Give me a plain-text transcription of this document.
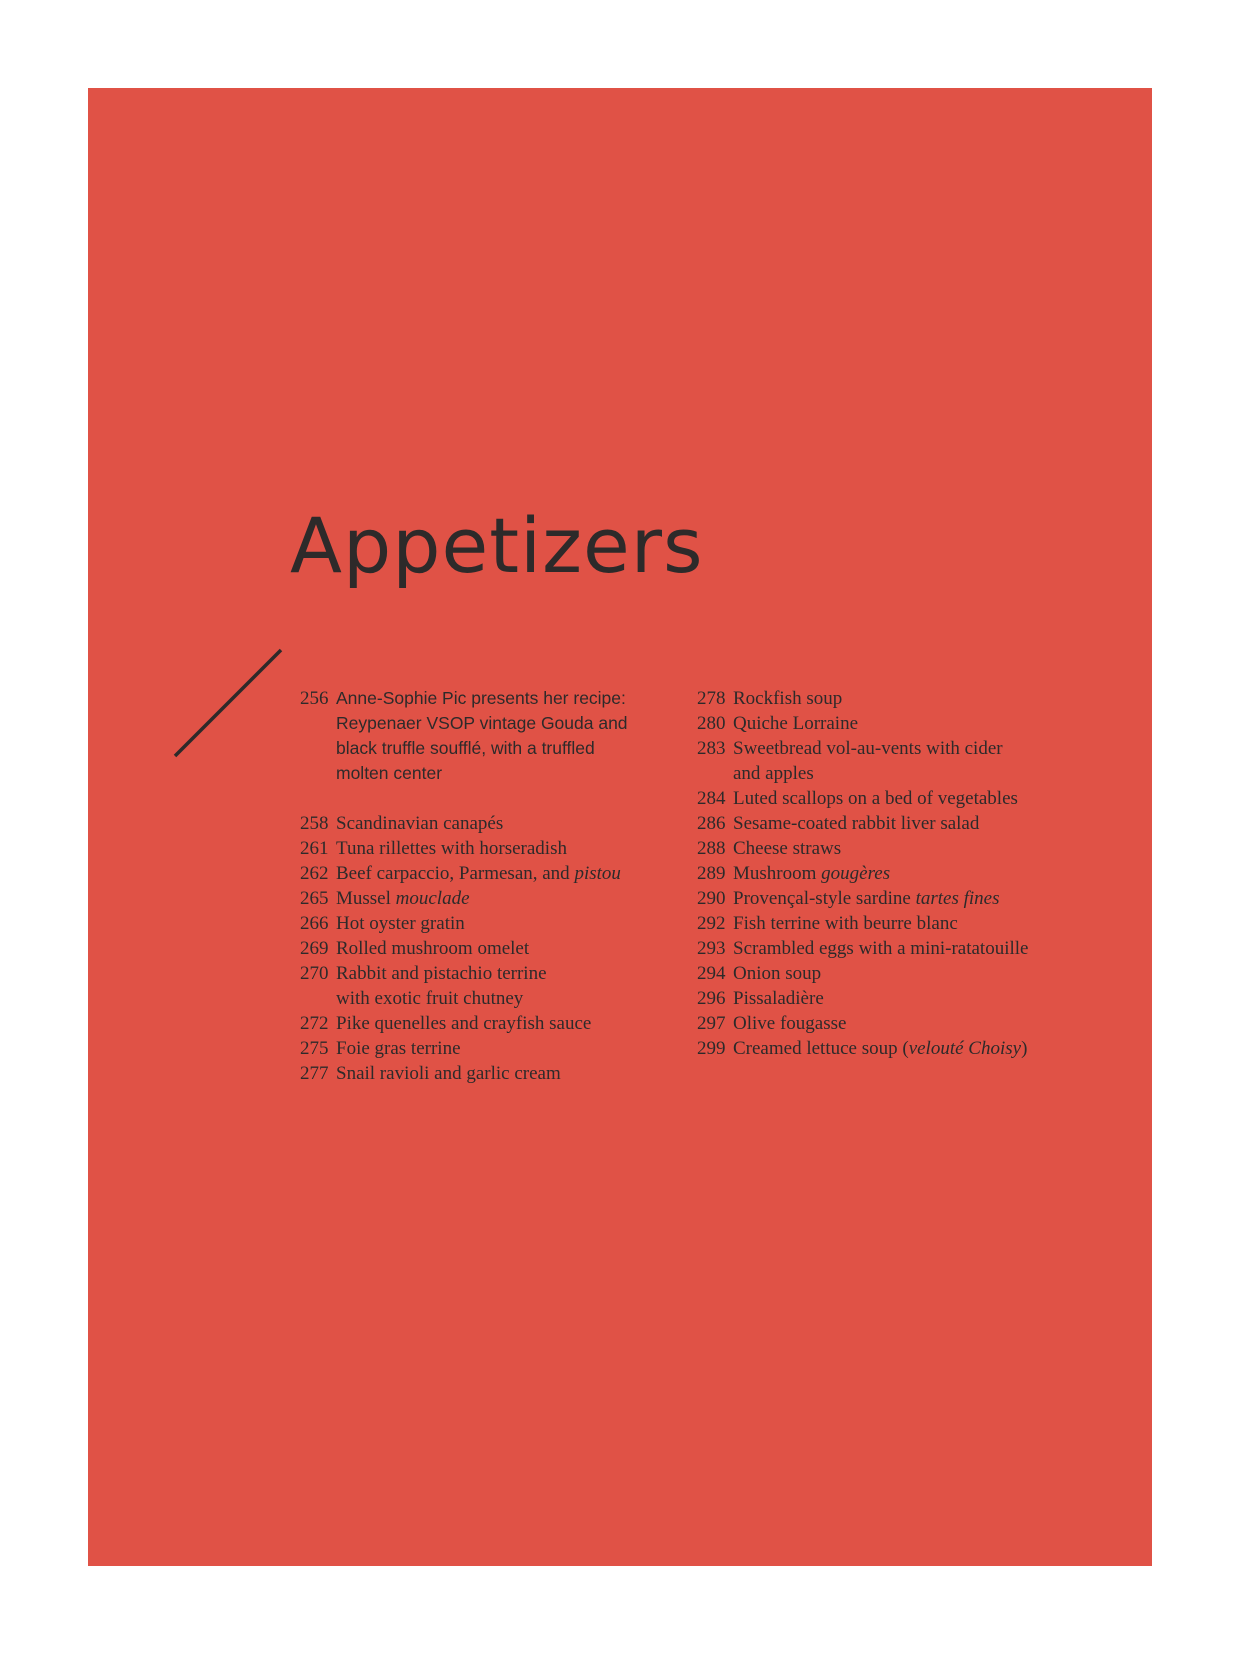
Appetizers
256 Anne-Sophie Pic presents her recipe:
Reypenaer VSOP vintage Gouda and
black truffle soufflé, with a truffled
molten center
258 Scandinavian canapés
261 Tuna rillettes with horseradish
262 Beef carpaccio, Parmesan, and pistou
265 Mussel mouclade
266 Hot oyster gratin
269 Rolled mushroom omelet
270 Rabbit and pistachio terrine
with exotic fruit chutney
272 Pike quenelles and crayfish sauce
275 Foie gras terrine
277 Snail ravioli and garlic cream
278 Rockfish soup
280 Quiche Lorraine
283 Sweetbread vol-au-vents with cider
and apples
284 Luted scallops on a bed of vegetables
286 Sesame-coated rabbit liver salad
288 Cheese straws
289 Mushroom gougères
290 Provençal-style sardine tartes fines
292 Fish terrine with beurre blanc
293 Scrambled eggs with a mini-ratatouille
294 Onion soup
296 Pissaladière
297 Olive fougasse
299 Creamed lettuce soup (velouté Choisy)
